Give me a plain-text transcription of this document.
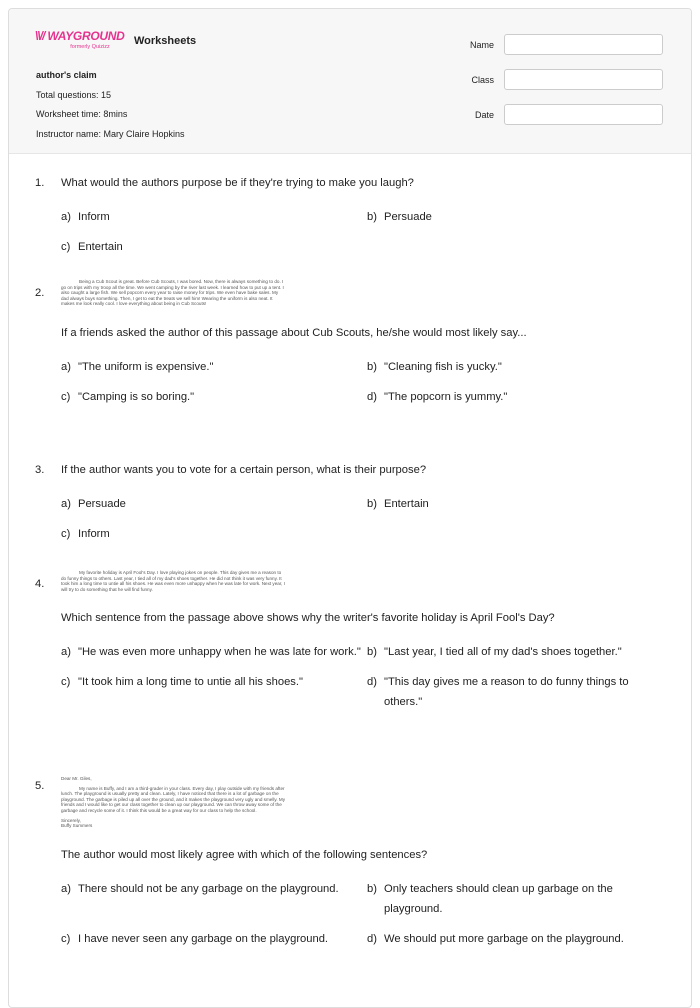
\\// WAYGROUND
formerly Quizizz	Worksheets
author's claim
Total questions: 15
Worksheet time: 8mins
Instructor name: Mary Claire Hopkins
Name
Class
Date
1. What would the authors purpose be if they're trying to make you laugh?
a) Inform	b) Persuade
c) Entertain
2.
Being a Cub Scout is great. Before Cub Scouts, I was bored. Now, there is always something to do. I go on trips with my troop all the time. We went camping by the river last week. I learned how to put up a tent. I also caught a large fish. We sell popcorn every year to raise money for trips. We even have bake sales. My dad always buys something. Then, I get to eat the treats we sell him! Wearing the uniform is also neat. It makes me look really cool. I love everything about being in Cub Scouts!
If a friends asked the author of this passage about Cub Scouts, he/she would most likely say...
a) "The uniform is expensive."	b) "Cleaning fish is yucky."
c) "Camping is so boring."	d) "The popcorn is yummy."
3. If the author wants you to vote for a certain person, what is their purpose?
a) Persuade	b) Entertain
c) Inform
4.
My favorite holiday is April Fool's Day. I love playing jokes on people. This day gives me a reason to do funny things to others. Last year, I tied all of my dad's shoes together. He did not think it was very funny. It took him a long time to untie all his shoes. He was even more unhappy when he was late for work. Next year, I will try to do something that he will find funny.
Which sentence from the passage above shows why the writer's favorite holiday is April Fool's Day?
a) "He was even more unhappy when he was late for work." b) "Last year, I tied all of my dad's shoes together."
c) "It took him a long time to untie all his shoes."	d) "This day gives me a reason to do funny things to others."
5.
Dear Mr. Giles,
My name is Buffy, and I am a third-grader in your class. Every day, I play outside with my friends after lunch. The playground is usually pretty and clean. Lately, I have noticed that there is a lot of garbage on the playground. The garbage is piled up all over the ground, and it makes the playground very ugly and smelly. My friends and I would like to get our class together to clean up our playground. We can throw away some of the garbage and recycle some of it. I think this would be a great way for our class to help the school.
Sincerely,
Buffy Summers
The author would most likely agree with which of the following sentences?
a) There should not be any garbage on the playground.	b) Only teachers should clean up garbage on the playground.
c) I have never seen any garbage on the playground.	d) We should put more garbage on the playground.
